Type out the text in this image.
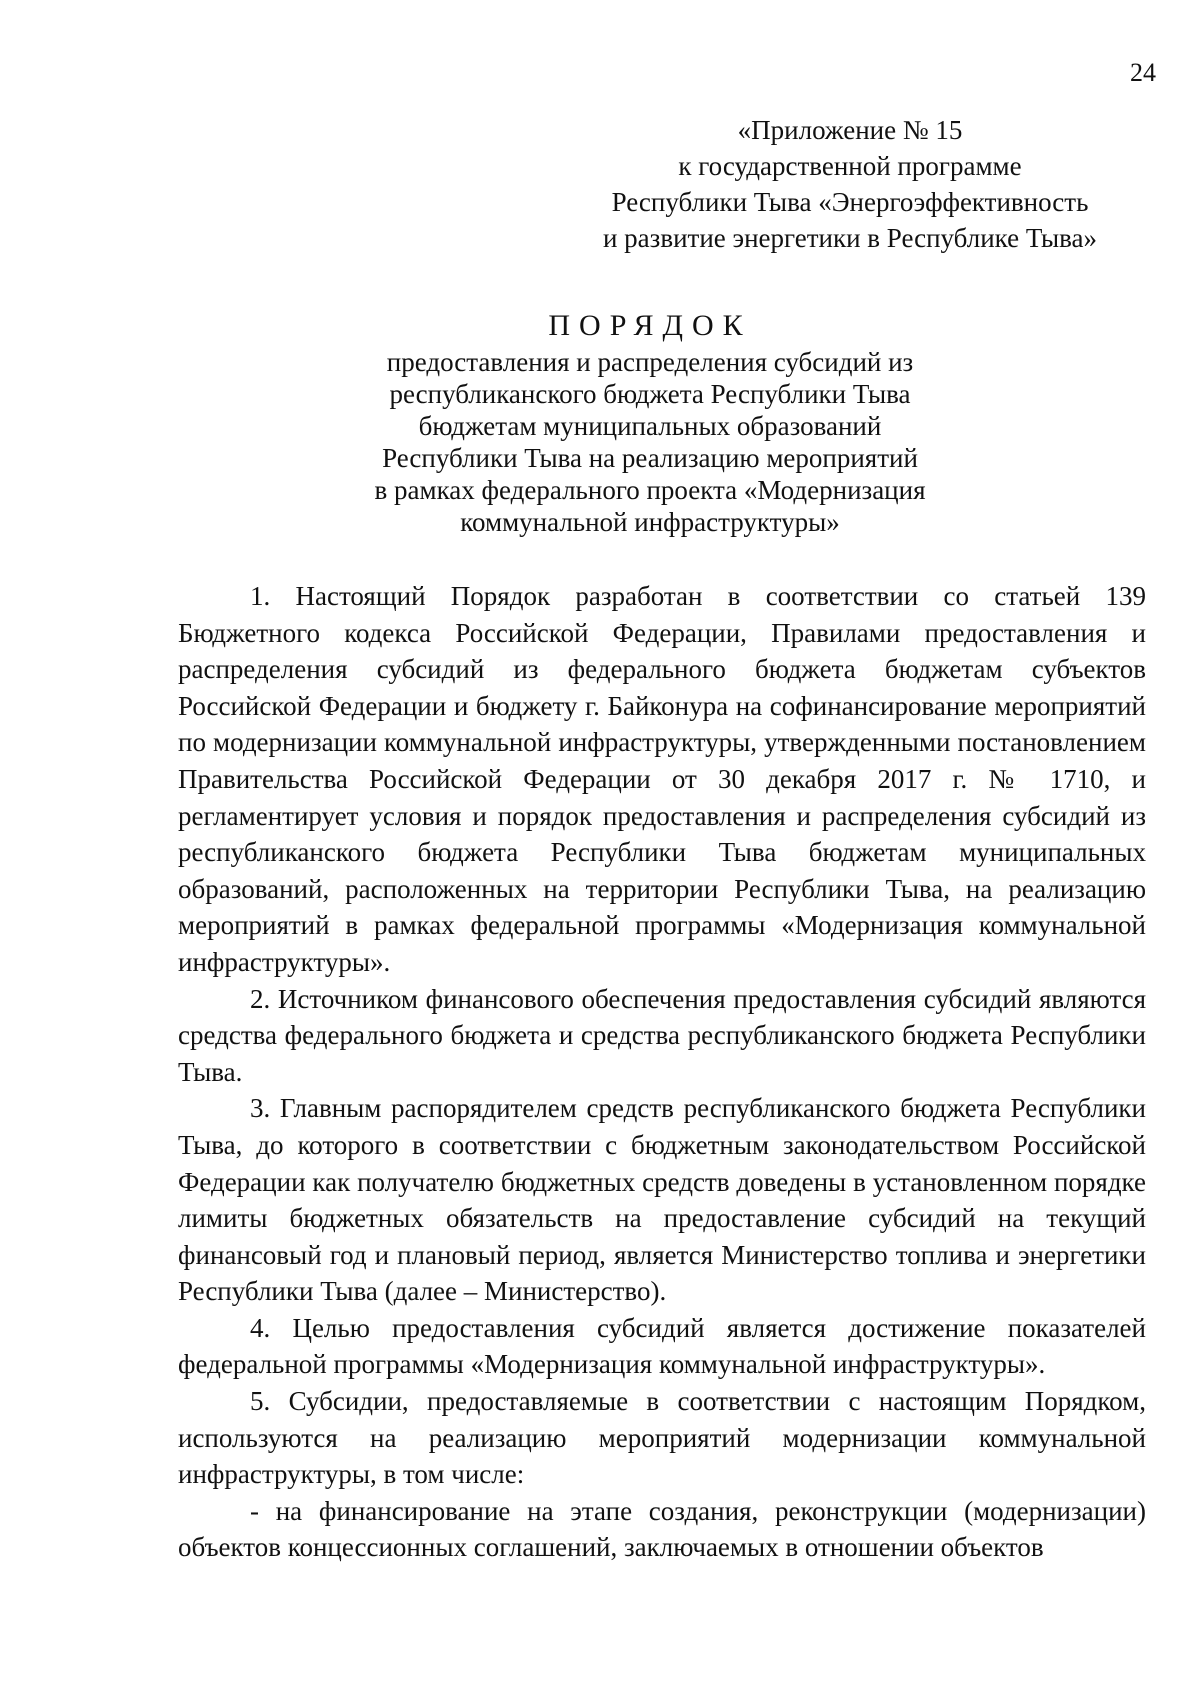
24
«Приложение № 15
к государственной программе
Республики Тыва «Энергоэффективность
и развитие энергетики в Республике Тыва»
ПОРЯДОК
предоставления и распределения субсидий из
республиканского бюджета Республики Тыва
бюджетам муниципальных образований
Республики Тыва на реализацию мероприятий
в рамках федерального проекта «Модернизация
коммунальной инфраструктуры»

1. Настоящий Порядок разработан в соответствии со статьей 139 Бюджетного кодекса Российской Федерации, Правилами предоставления и распределения субсидий из федерального бюджета бюджетам субъектов Российской Федерации и бюджету г. Байконура на софинансирование мероприятий по модернизации коммунальной инфраструктуры, утвержденными постановлением Правительства Российской Федерации от 30 декабря 2017 г. № 1710, и регламентирует условия и порядок предоставления и распределения субсидий из республиканского бюджета Республики Тыва бюджетам муниципальных образований, расположенных на территории Республики Тыва, на реализацию мероприятий в рамках федеральной программы «Модернизация коммунальной инфраструктуры».

2. Источником финансового обеспечения предоставления субсидий являются средства федерального бюджета и средства республиканского бюджета Республики Тыва.

3. Главным распорядителем средств республиканского бюджета Республики Тыва, до которого в соответствии с бюджетным законодательством Российской Федерации как получателю бюджетных средств доведены в установленном порядке лимиты бюджетных обязательств на предоставление субсидий на текущий финансовый год и плановый период, является Министерство топлива и энергетики Республики Тыва (далее – Министерство).

4. Целью предоставления субсидий является достижение показателей федеральной программы «Модернизация коммунальной инфраструктуры».

5. Субсидии, предоставляемые в соответствии с настоящим Порядком, используются на реализацию мероприятий модернизации коммунальной инфраструктуры, в том числе:

- на финансирование на этапе создания, реконструкции (модернизации) объектов концессионных соглашений, заключаемых в отношении объектов
